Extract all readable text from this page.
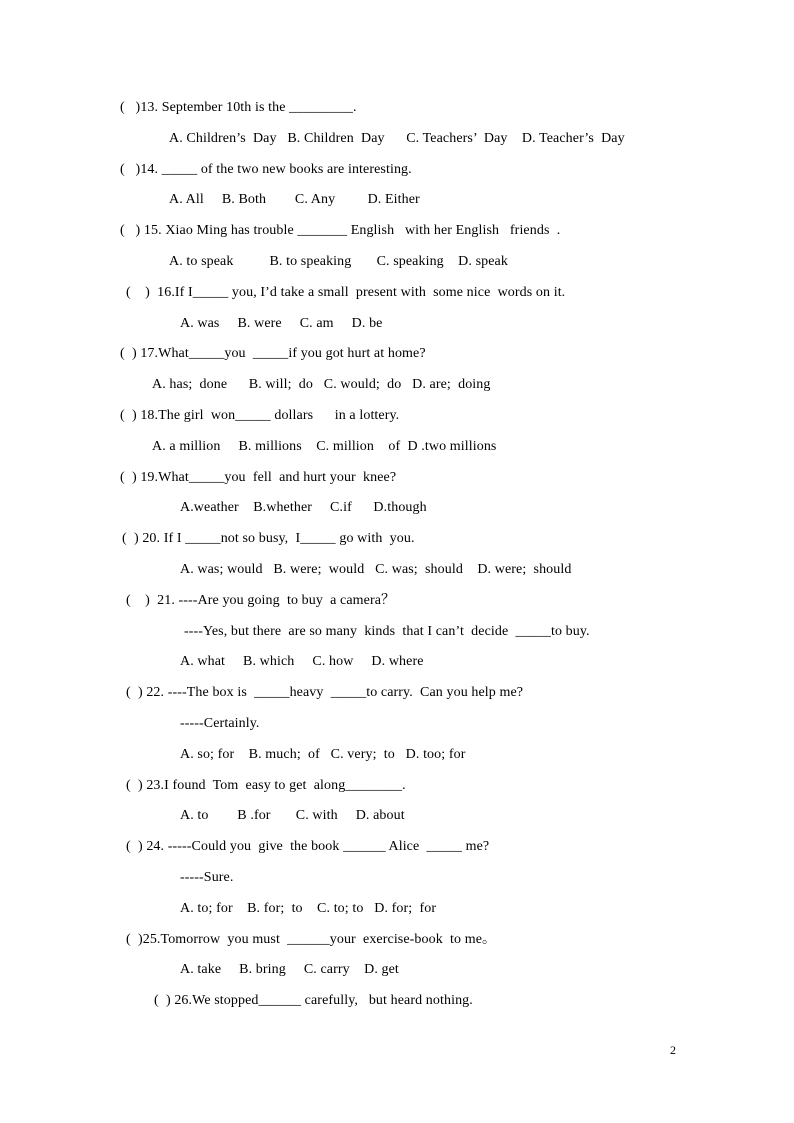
(   )13. September 10th is the _________.
A. Children’s  Day   B. Children  Day      C. Teachers’  Day    D. Teacher’s  Day
(   )14. _____ of the two new books are interesting.
A. All     B. Both        C. Any         D. Either
(   ) 15. Xiao Ming has trouble _______ English   with her English   friends  .
A. to speak          B. to speaking       C. speaking    D. speak
(    )  16.If I_____ you, I’d take a small  present with  some nice  words on it.
A. was     B. were     C. am     D. be
(  ) 17.What_____you  _____if you got hurt at home?
A. has;  done      B. will;  do   C. would;  do   D. are;  doing
(  ) 18.The girl  won_____ dollars      in a lottery.
A. a million     B. millions    C. million    of  D .two millions
(  ) 19.What_____you  fell  and hurt your  knee?
A.weather    B.whether     C.if      D.though
(  ) 20. If I _____not so busy,  I_____ go with  you.
A. was; would   B. were;  would   C. was;  should    D. were;  should
(    )  21. ----Are you going  to buy  a camera？
----Yes, but there  are so many  kinds  that I can’t  decide  _____to buy.
A. what     B. which     C. how     D. where
(  ) 22. ----The box is  _____heavy  _____to carry.  Can you help me?
-----Certainly.
A. so; for    B. much;  of   C. very;  to   D. too; for
(  ) 23.I found  Tom  easy to get  along________.
A. to        B .for       C. with     D. about
(  ) 24. -----Could you  give  the book ______ Alice  _____ me?
-----Sure.
A. to; for    B. for;  to    C. to; to   D. for;  for
(  )25.Tomorrow  you must  ______your  exercise-book  to me。
A. take     B. bring     C. carry    D. get
(  ) 26.We stopped______ carefully,   but heard nothing.
2
